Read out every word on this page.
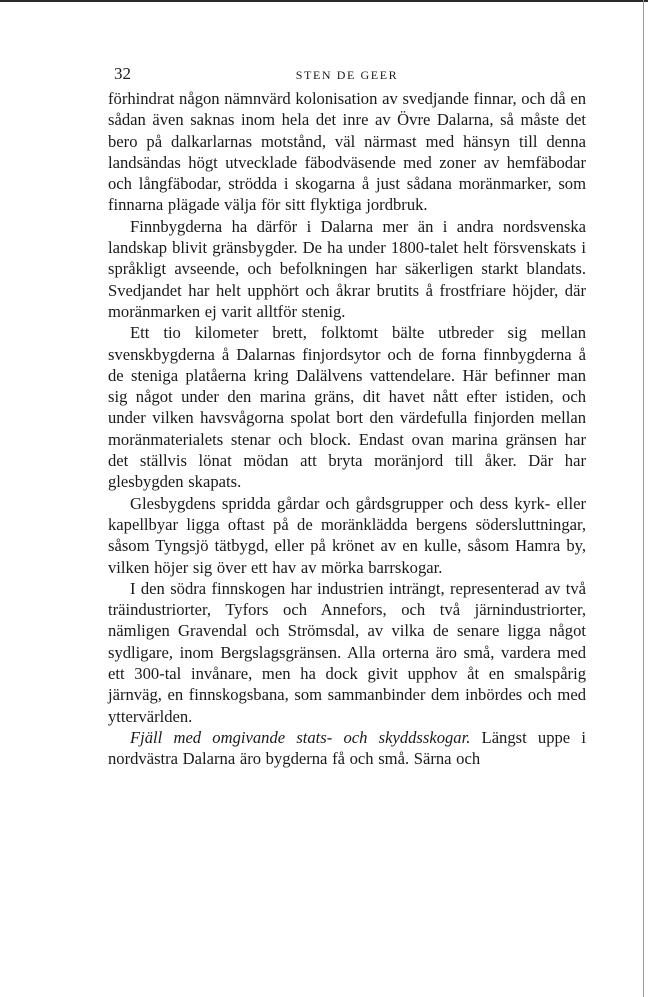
32	STEN DE GEER

förhindrat någon nämnvärd kolonisation av svedjande finnar, och då en sådan även saknas inom hela det inre av Övre Dalarna, så måste det bero på dalkarlarnas motstånd, väl närmast med hänsyn till denna landsändas högt utvecklade fäbodväsende med zoner av hemfäbodar och långfäbodar, strödda i skogarna å just sådana moränmarker, som finnarna plägade välja för sitt flyktiga jordbruk.

Finnbygderna ha därför i Dalarna mer än i andra nordsvenska landskap blivit gränsbygder. De ha under 1800-talet helt försvenskats i språkligt avseende, och befolkningen har säkerligen starkt blandats. Svedjandet har helt upphört och åkrar brutits å frostfriare höjder, där moränmarken ej varit alltför stenig.

Ett tio kilometer brett, folktomt bälte utbreder sig mellan svenskbygderna å Dalarnas finjordsytor och de forna finnbygderna å de steniga platåerna kring Dalälvens vattendelare. Här befinner man sig något under den marina gräns, dit havet nått efter istiden, och under vilken havsvågorna spolat bort den värdefulla finjorden mellan moränmaterialets stenar och block. Endast ovan marina gränsen har det ställvis lönat mödan att bryta moränjord till åker. Där har glesbygden skapats.

Glesbygdens spridda gårdar och gårdsgrupper och dess kyrk- eller kapellbyar ligga oftast på de moränklädda bergens södersluttningar, såsom Tyngsjö tätbygd, eller på krönet av en kulle, såsom Hamra by, vilken höjer sig över ett hav av mörka barrskogar.

I den södra finnskogen har industrien inträngt, representerad av två träindustriorter, Tyfors och Annefors, och två järnindustriorter, nämligen Gravendal och Strömsdal, av vilka de senare ligga något sydligare, inom Bergslagsgränsen. Alla orterna äro små, vardera med ett 300-tal invånare, men ha dock givit upphov åt en smalspårig järnväg, en finnskogsbana, som sammanbinder dem inbördes och med yttervärlden.

Fjäll med omgivande stats- och skyddsskogar. Längst uppe i nordvästra Dalarna äro bygderna få och små. Särna och
